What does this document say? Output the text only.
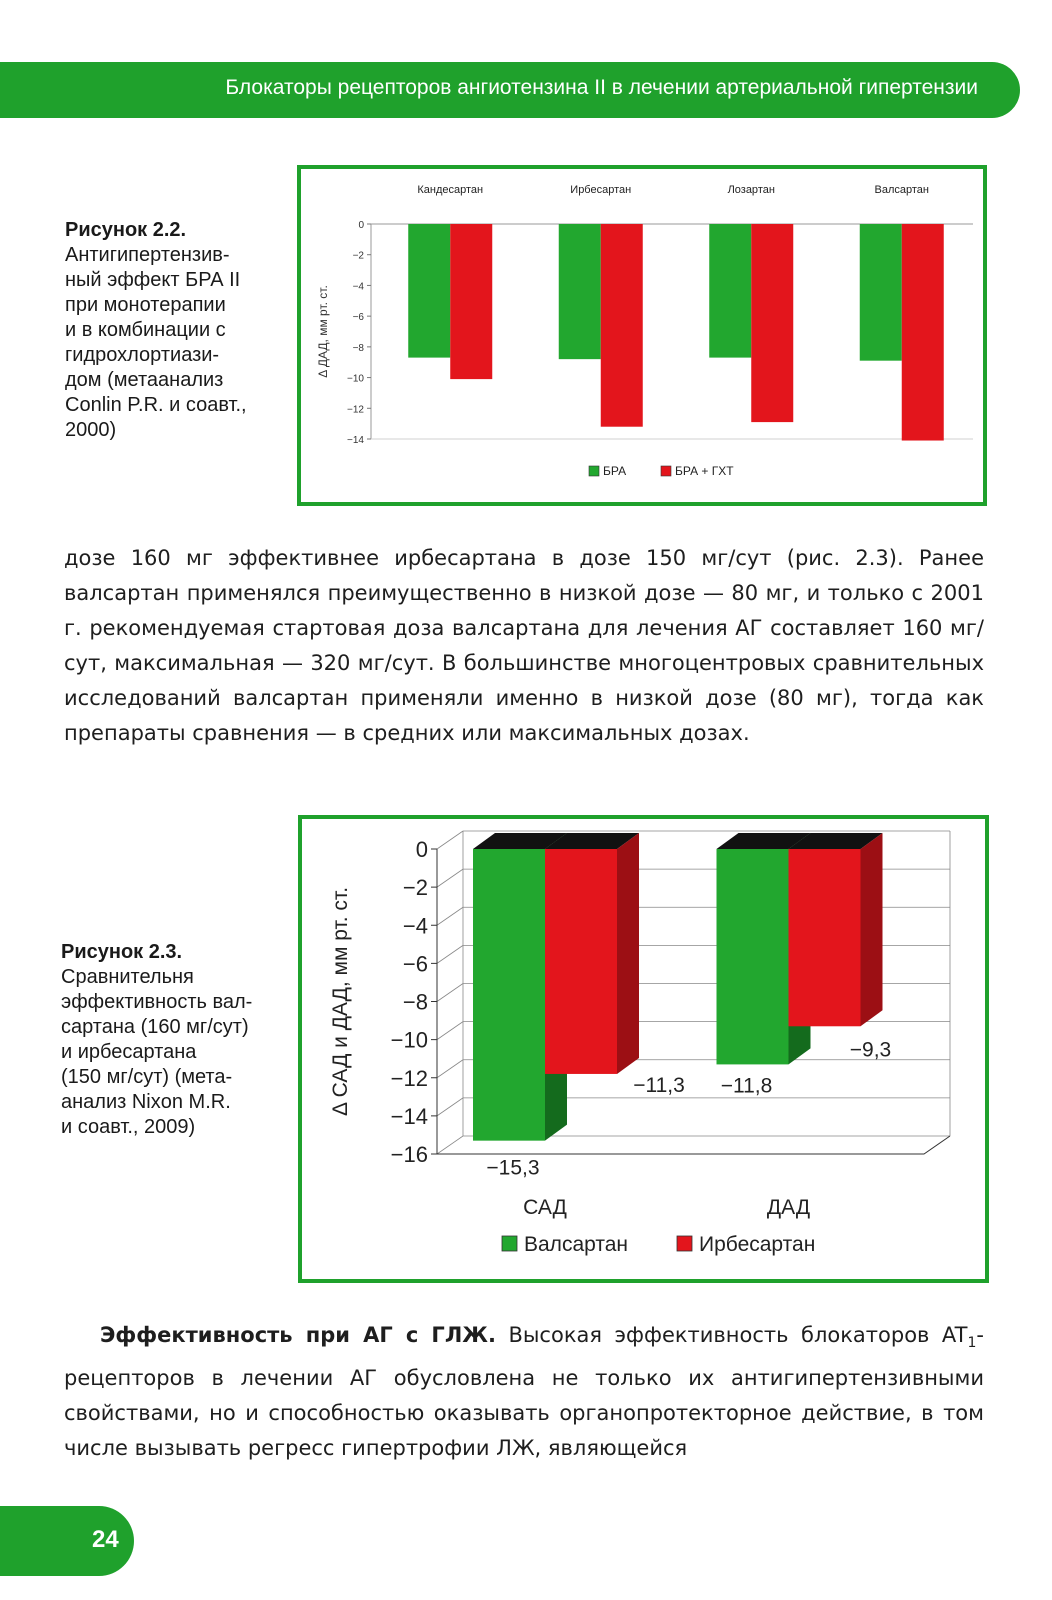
Блокаторы рецепторов ангиотензина II в лечении артериальной гипертензии
Рисунок 2.2.
Антигипертензив-
ный эффект БРА II
при монотерапии
и в комбинации с
гидрохлортиази-
дом (метаанализ
Conlin P.R. и соавт.,
2000)
0
−2
−4
−6
−8
−10
−12
−14
Δ ДАД, мм рт. ст.
Кандесартан	Ирбесартан	Лозартан	Валсартан
БРА	БРА + ГХТ
дозе 160 мг эффективнее ирбесартана в дозе 150 мг/сут (рис. 2.3). Ранее валсартан применялся преимущественно в низкой дозе — 80 мг, и только с 2001 г. рекомендуемая стартовая доза валсартана для лечения АГ составляет 160 мг/сут, максимальная — 320 мг/сут. В большинстве многоцентровых сравнительных исследований валсартан применяли именно в низкой дозе (80 мг), тогда как препараты сравнения — в средних или максимальных дозах.
Рисунок 2.3.
Сравнительня
эффективность вал-
сартана (160 мг/сут)
и ирбесартана
(150 мг/сут) (мета-
анализ Nixon M.R.
и соавт., 2009)
0
−2
−4
−6
−8
−10
−12
−14
−16
Δ САД и ДАД, мм рт. ст.
САД
−15,3
−11,3
ДАД
−11,8
−9,3
Валсартан	Ирбесартан
Эффективность при АГ с ГЛЖ. Высокая эффективность блокаторов $AT_1$-рецепторов в лечении АГ обусловлена не только их антигипертензивными свойствами, но и способностью оказывать органопротекторное действие, в том числе вызывать регресс гипертрофии ЛЖ, являющейся
24
